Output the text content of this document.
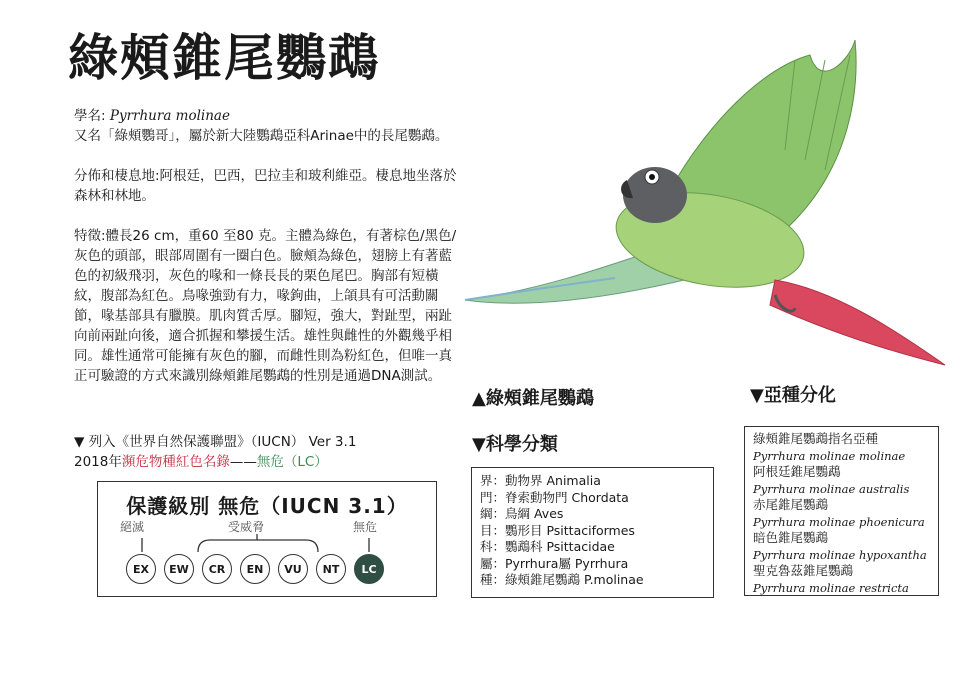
綠頰錐尾鸚鵡
學名: Pyrrhura molinae

又名「綠頰鸚哥」，屬於新大陸鸚鵡亞科Arinae中的長尾鸚鵡。

分佈和棲息地:阿根廷，巴西，巴拉圭和玻利維亞。棲息地坐落於森林和林地。

特徵:體長26 cm，重60 至80 克。主體為綠色，有著棕色/黑色/灰色的頭部，眼部周圍有一圈白色。臉頰為綠色，翅膀上有著藍色的初級飛羽，灰色的喙和一條長長的栗色尾巴。胸部有短橫紋，腹部為紅色。鳥喙強勁有力，喙鉤曲，上頜具有可活動關節，喙基部具有臘膜。肌肉質舌厚。腳短，強大，對趾型，兩趾向前兩趾向後，適合抓握和攀援生活。雄性與雌性的外觀幾乎相同。雄性通常可能擁有灰色的腳，而雌性則為粉紅色，但唯一真正可驗證的方式來識別綠頰錐尾鸚鵡的性別是通過DNA測試。

▼ 列入《世界自然保護聯盟》（IUCN） Ver 3.1
2018年瀕危物種紅色名錄——無危（LC）
保護級別 無危（IUCN 3.1）
絕滅	受威脅	無危
EX	EW	CR	EN	VU	NT	LC
▲綠頰錐尾鸚鵡
▼科學分類
界：動物界 Animalia
門：脊索動物門 Chordata
綱：鳥綱 Aves
目：鸚形目 Psittaciformes
科：鸚鵡科 Psittacidae
屬：Pyrrhura屬 Pyrrhura
種：綠頰錐尾鸚鵡 P.molinae
▼亞種分化
綠頰錐尾鸚鵡指名亞種
Pyrrhura molinae molinae
阿根廷錐尾鸚鵡
Pyrrhura molinae australis
赤尾錐尾鸚鵡
Pyrrhura molinae phoenicura
暗色錐尾鸚鵡
Pyrrhura molinae hypoxantha
聖克魯茲錐尾鸚鵡
Pyrrhura molinae restricta
